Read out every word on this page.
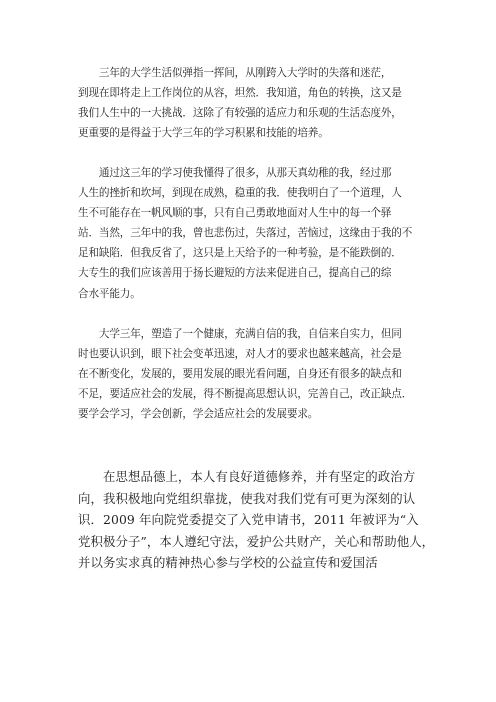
　　三年的大学生活似弹指一挥间，从刚跨入大学时的失落和迷茫，
到现在即将走上工作岗位的从容，坦然．我知道，角色的转换，这又是
我们人生中的一大挑战．这除了有较强的适应力和乐观的生活态度外，
更重要的是得益于大学三年的学习积累和技能的培养。

　　通过这三年的学习使我懂得了很多，从那天真幼稚的我，经过那
人生的挫折和坎坷，到现在成熟，稳重的我．使我明白了一个道理，人
生不可能存在一帆风顺的事，只有自己勇敢地面对人生中的每一个驿
站．当然，三年中的我，曾也悲伤过，失落过，苦恼过，这缘由于我的不
足和缺陷．但我反省了，这只是上天给予的一种考验，是不能跌倒的．
大专生的我们应该善用于扬长避短的方法来促进自己，提高自己的综
合水平能力。

　　大学三年，塑造了一个健康，充满自信的我，自信来自实力，但同
时也要认识到，眼下社会变革迅速，对人才的要求也越来越高，社会是
在不断变化，发展的，要用发展的眼光看问题，自身还有很多的缺点和
不足，要适应社会的发展，得不断提高思想认识，完善自己，改正缺点．
要学会学习，学会创新，学会适应社会的发展要求。

　　在思想品德上，本人有良好道德修养，并有坚定的政治方
向，我积极地向党组织靠拢，使我对我们党有可更为深刻的认
识．2009 年向院党委提交了入党申请书，2011 年被评为“入
党积极分子”，本人遵纪守法，爱护公共财产，关心和帮助他人，
并以务实求真的精神热心参与学校的公益宣传和爱国活
